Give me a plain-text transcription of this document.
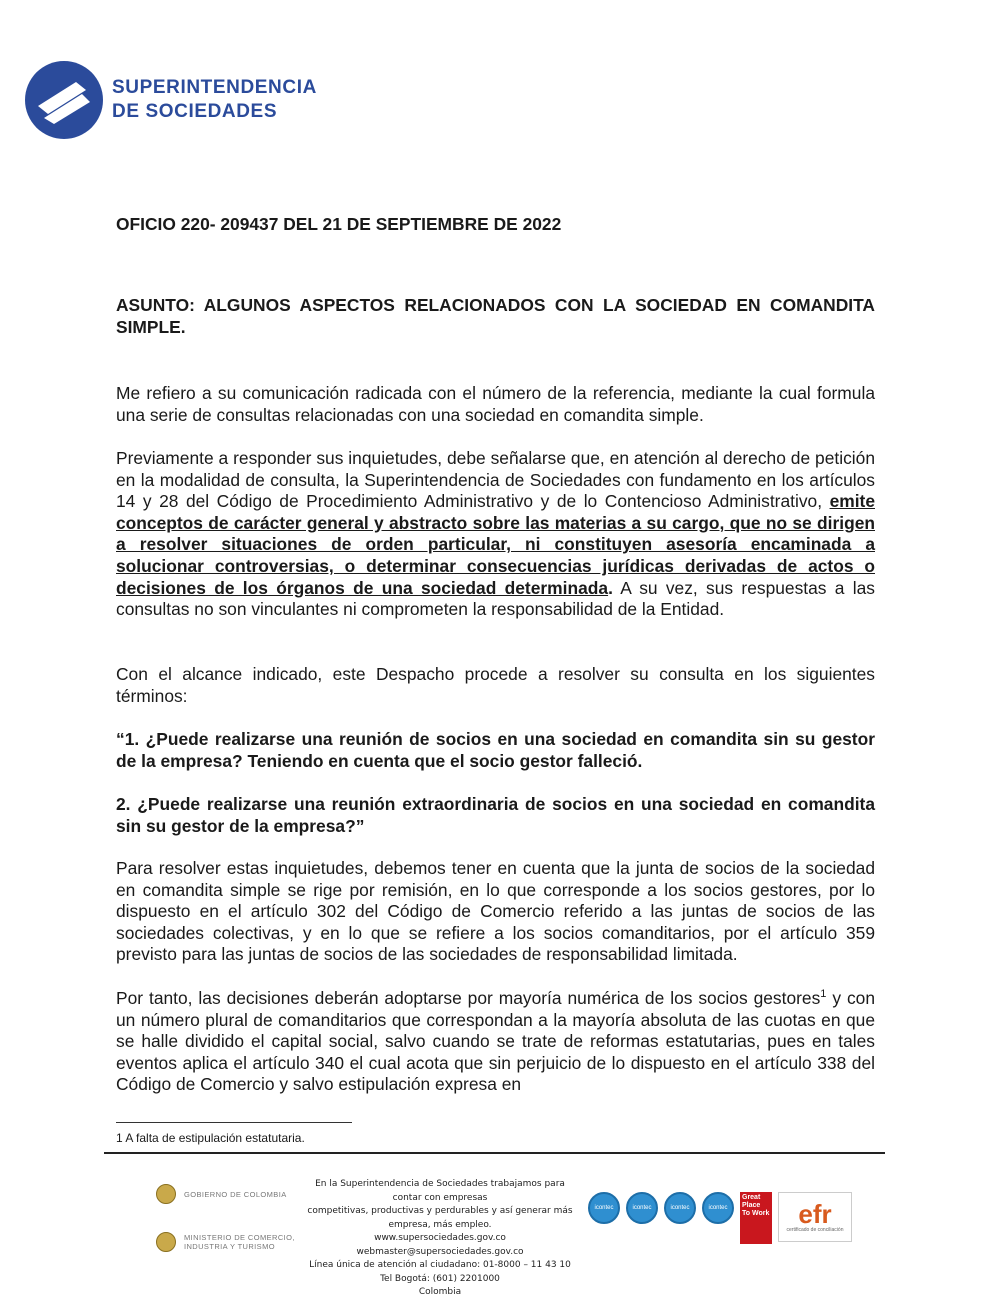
SUPERINTENDENCIA
DE SOCIEDADES
OFICIO 220- 209437 DEL 21 DE SEPTIEMBRE DE 2022

ASUNTO: ALGUNOS ASPECTOS RELACIONADOS CON LA SOCIEDAD EN COMANDITA SIMPLE.

Me refiero a su comunicación radicada con el número de la referencia, mediante la cual formula una serie de consultas relacionadas con una sociedad en comandita simple.

Previamente a responder sus inquietudes, debe señalarse que, en atención al derecho de petición en la modalidad de consulta, la Superintendencia de Sociedades con fundamento en los artículos 14 y 28 del Código de Procedimiento Administrativo y de lo Contencioso Administrativo, emite conceptos de carácter general y abstracto sobre las materias a su cargo, que no se dirigen a resolver situaciones de orden particular, ni constituyen asesoría encaminada a solucionar controversias, o determinar consecuencias jurídicas derivadas de actos o decisiones de los órganos de una sociedad determinada. A su vez, sus respuestas a las consultas no son vinculantes ni comprometen la responsabilidad de la Entidad.

Con el alcance indicado, este Despacho procede a resolver su consulta en los siguientes términos:

“1. ¿Puede realizarse una reunión de socios en una sociedad en comandita sin su gestor de la empresa? Teniendo en cuenta que el socio gestor falleció.

2. ¿Puede realizarse una reunión extraordinaria de socios en una sociedad en comandita sin su gestor de la empresa?”

Para resolver estas inquietudes, debemos tener en cuenta que la junta de socios de la sociedad en comandita simple se rige por remisión, en lo que corresponde a los socios gestores, por lo dispuesto en el artículo 302 del Código de Comercio referido a las juntas de socios de las sociedades colectivas, y en lo que se refiere a los socios comanditarios, por el artículo 359 previsto para las juntas de socios de las sociedades de responsabilidad limitada.

Por tanto, las decisiones deberán adoptarse por mayoría numérica de los socios gestores$^1$ y con un número plural de comanditarios que correspondan a la mayoría absoluta de las cuotas en que se halle dividido el capital social, salvo cuando se trate de reformas estatutarias, pues en tales eventos aplica el artículo 340 el cual acota que sin perjuicio de lo dispuesto en el artículo 338 del Código de Comercio y salvo estipulación expresa en

1 A falta de estipulación estatutaria.
GOBIERNO DE COLOMBIA
MINISTERIO DE COMERCIO,
INDUSTRIA Y TURISMO
En la Superintendencia de Sociedades trabajamos para contar con empresas
competitivas, productivas y perdurables y así generar más empresa, más empleo.
www.supersociedades.gov.co
webmaster@supersociedades.gov.co
Línea única de atención al ciudadano: 01-8000 – 11 43 10
Tel Bogotá: (601) 2201000
Colombia
icontec	icontec	icontec	icontec
Great Place To Work efr
certificado de conciliación
